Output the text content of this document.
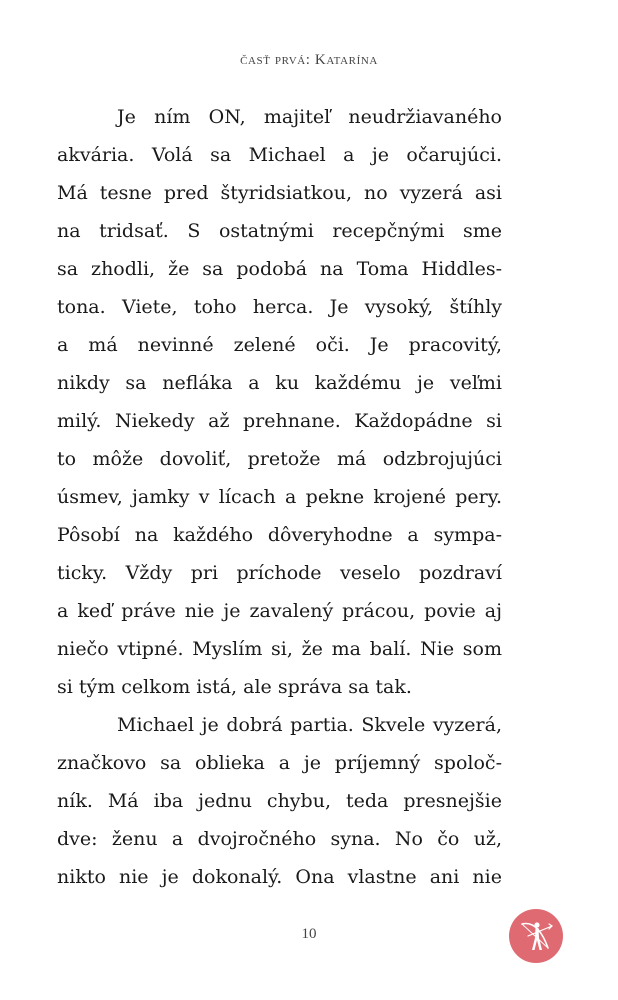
časť prvá: Katarína
Je ním ON, majiteľ neudržiavaného
akvária. Volá sa Michael a je očarujúci.
Má tesne pred štyridsiatkou, no vyzerá asi
na tridsať. S ostatnými recepčnými sme
sa zhodli, že sa podobá na Toma Hiddles-
tona. Viete, toho herca. Je vysoký, štíhly
a má nevinné zelené oči. Je pracovitý,
nikdy sa nefláka a ku každému je veľmi
milý. Niekedy až prehnane. Každopádne si
to môže dovoliť, pretože má odzbrojujúci
úsmev, jamky v lícach a pekne krojené pery.
Pôsobí na každého dôveryhodne a sympa-
ticky. Vždy pri príchode veselo pozdraví
a keď práve nie je zavalený prácou, povie aj
niečo vtipné. Myslím si, že ma balí. Nie som
si tým celkom istá, ale správa sa tak.
Michael je dobrá partia. Skvele vyzerá,
značkovo sa oblieka a je príjemný spoloč-
ník. Má iba jednu chybu, teda presnejšie
dve: ženu a dvojročného syna. No čo už,
nikto nie je dokonalý. Ona vlastne ani nie
10
